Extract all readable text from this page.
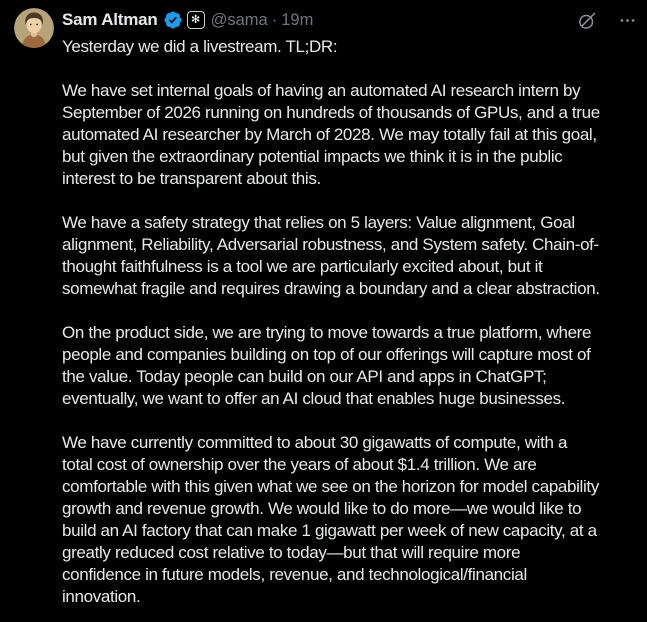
Sam Altman	✻ @sama · 19m
Yesterday we did a livestream. TL;DR:
We have set internal goals of having an automated AI research intern by
September of 2026 running on hundreds of thousands of GPUs, and a true
automated AI researcher by March of 2028. We may totally fail at this goal,
but given the extraordinary potential impacts we think it is in the public
interest to be transparent about this.
We have a safety strategy that relies on 5 layers: Value alignment, Goal
alignment, Reliability, Adversarial robustness, and System safety. Chain-of-
thought faithfulness is a tool we are particularly excited about, but it
somewhat fragile and requires drawing a boundary and a clear abstraction.
On the product side, we are trying to move towards a true platform, where
people and companies building on top of our offerings will capture most of
the value. Today people can build on our API and apps in ChatGPT;
eventually, we want to offer an AI cloud that enables huge businesses.
We have currently committed to about 30 gigawatts of compute, with a
total cost of ownership over the years of about $1.4 trillion. We are
comfortable with this given what we see on the horizon for model capability
growth and revenue growth. We would like to do more—we would like to
build an AI factory that can make 1 gigawatt per week of new capacity, at a
greatly reduced cost relative to today—but that will require more
confidence in future models, revenue, and technological/financial
innovation.
